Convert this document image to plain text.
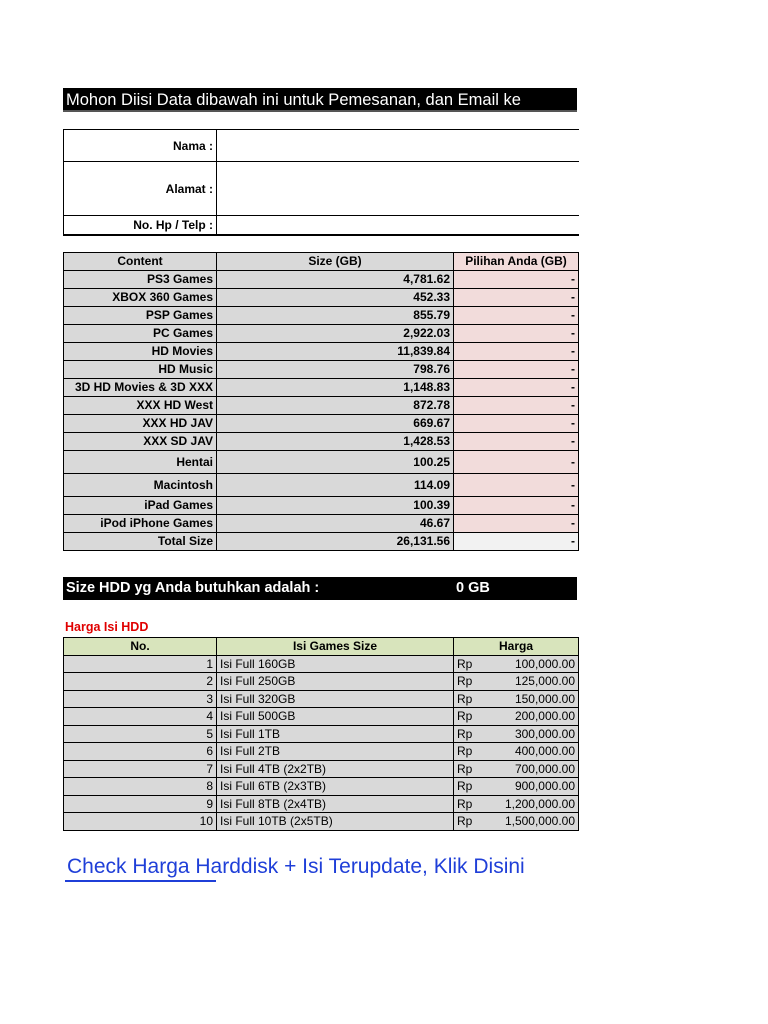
Mohon Diisi Data dibawah ini untuk Pemesanan, dan Email ke
Nama :	
Alamat :	
No. Hp / Telp :	
Content	Size (GB)	Pilihan Anda (GB)
PS3 Games	4,781.62	-
XBOX 360 Games	452.33	-
PSP Games	855.79	-
PC Games	2,922.03	-
HD Movies	11,839.84	-
HD Music	798.76	-
3D HD Movies & 3D XXX	1,148.83	-
XXX HD West	872.78	-
XXX HD JAV	669.67	-
XXX SD JAV	1,428.53	-
Hentai	100.25	-
Macintosh	114.09	-
iPad Games	100.39	-
iPod iPhone Games	46.67	-
Total Size	26,131.56	-
Size HDD yg Anda butuhkan adalah :	0 GB
Harga Isi HDD
No.	Isi Games Size	Harga	
1	Isi Full 160GB	Rp	100,000.00
2	Isi Full 250GB	Rp	125,000.00
3	Isi Full 320GB	Rp	150,000.00
4	Isi Full 500GB	Rp	200,000.00
5	Isi Full 1TB	Rp	300,000.00
6	Isi Full 2TB	Rp	400,000.00
7	Isi Full 4TB (2x2TB)	Rp	700,000.00
8	Isi Full 6TB (2x3TB)	Rp	900,000.00
9	Isi Full 8TB (2x4TB)	Rp	1,200,000.00
10	Isi Full 10TB (2x5TB)	Rp	1,500,000.00
Check Harga Harddisk + Isi Terupdate, Klik Disini
